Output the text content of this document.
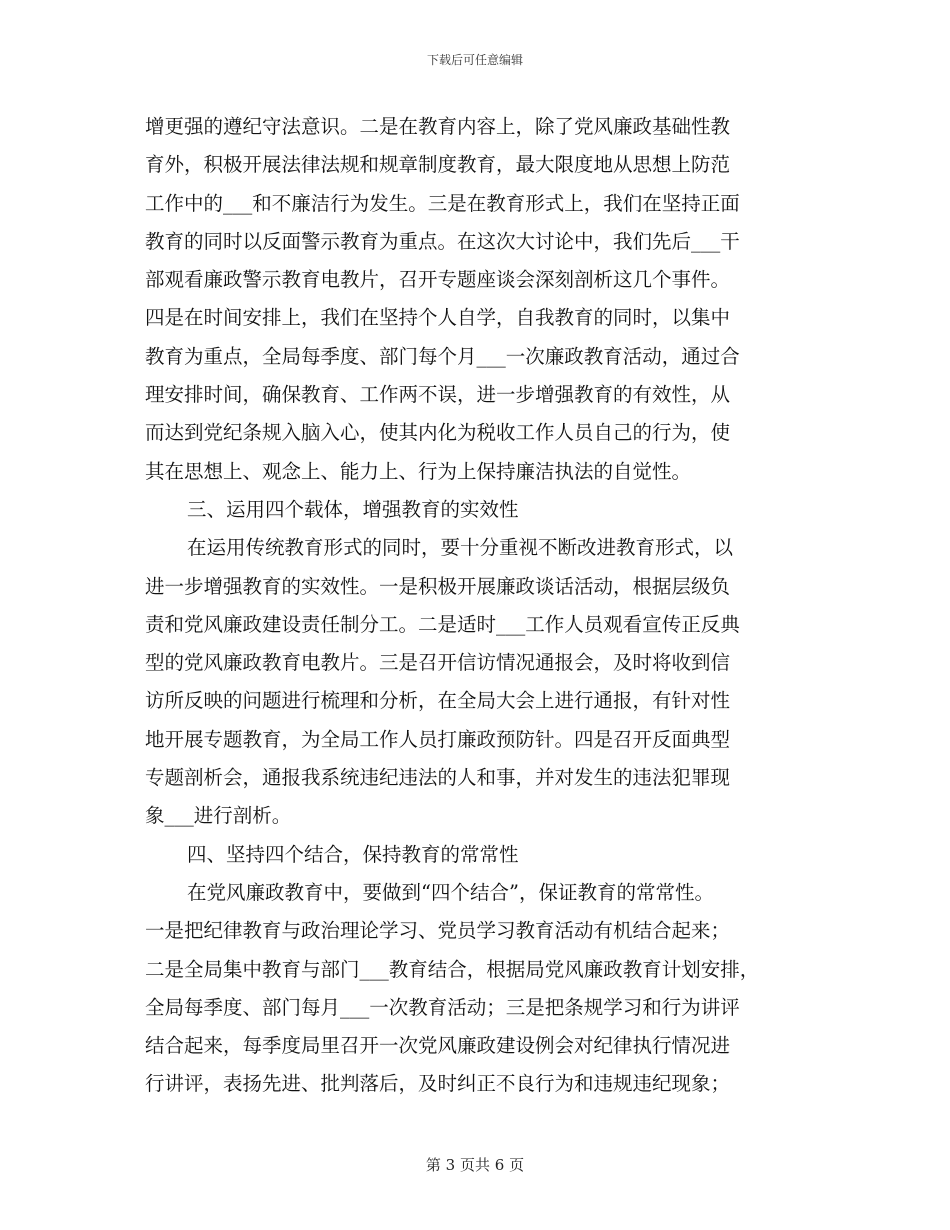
下载后可任意编辑
增更强的遵纪守法意识。二是在教育内容上，除了党风廉政基础性教
育外，积极开展法律法规和规章制度教育，最大限度地从思想上防范
工作中的___和不廉洁行为发生。三是在教育形式上，我们在坚持正面
教育的同时以反面警示教育为重点。在这次大讨论中，我们先后___干
部观看廉政警示教育电教片，召开专题座谈会深刻剖析这几个事件。
四是在时间安排上，我们在坚持个人自学，自我教育的同时，以集中
教育为重点，全局每季度、部门每个月___一次廉政教育活动，通过合
理安排时间，确保教育、工作两不误，进一步增强教育的有效性，从
而达到党纪条规入脑入心，使其内化为税收工作人员自己的行为，使
其在思想上、观念上、能力上、行为上保持廉洁执法的自觉性。
三、运用四个载体，增强教育的实效性
在运用传统教育形式的同时，要十分重视不断改进教育形式，以
进一步增强教育的实效性。一是积极开展廉政谈话活动，根据层级负
责和党风廉政建设责任制分工。二是适时___工作人员观看宣传正反典
型的党风廉政教育电教片。三是召开信访情况通报会，及时将收到信
访所反映的问题进行梳理和分析，在全局大会上进行通报，有针对性
地开展专题教育，为全局工作人员打廉政预防针。四是召开反面典型
专题剖析会，通报我系统违纪违法的人和事，并对发生的违法犯罪现
象___进行剖析。
四、坚持四个结合，保持教育的常常性
在党风廉政教育中，要做到“四个结合”，保证教育的常常性。
一是把纪律教育与政治理论学习、党员学习教育活动有机结合起来；
二是全局集中教育与部门___教育结合，根据局党风廉政教育计划安排，
全局每季度、部门每月___一次教育活动；三是把条规学习和行为讲评
结合起来，每季度局里召开一次党风廉政建设例会对纪律执行情况进
行讲评，表扬先进、批判落后，及时纠正不良行为和违规违纪现象；
第 3 页共 6 页
